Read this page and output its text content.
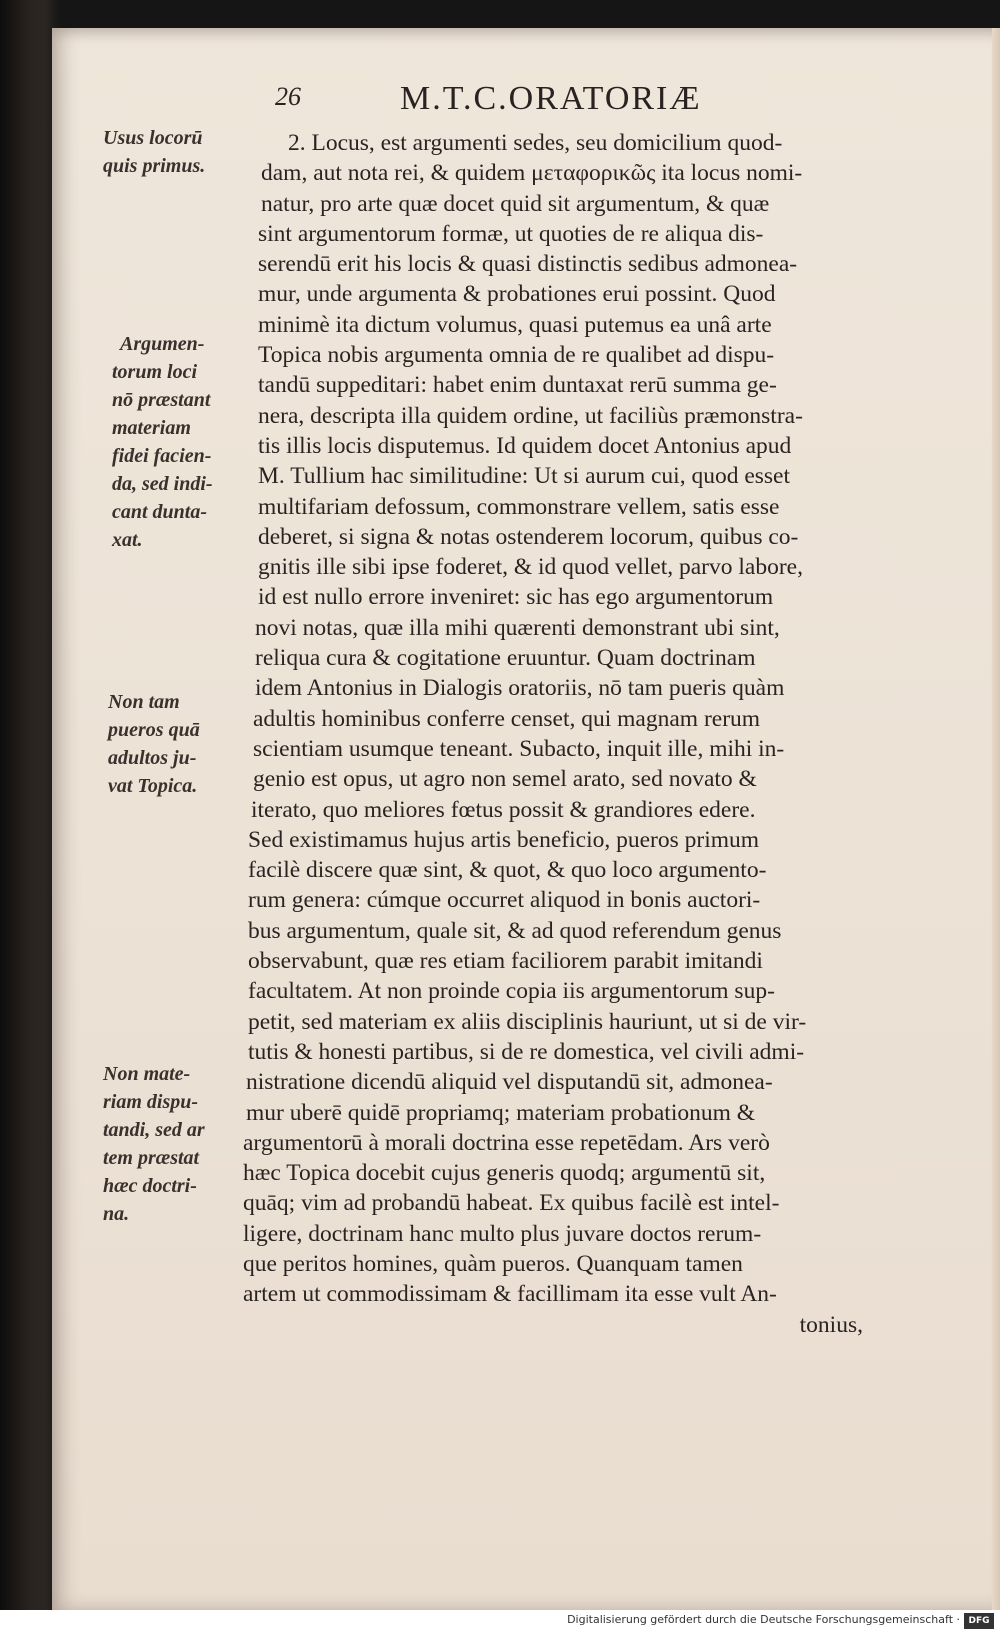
26	M.T.C.ORATORIÆ
Usus locorū
quis primus.
Argumen-
torum loci
nō præstant
materiam
fidei facien-
da, sed indi-
cant dunta-
xat.
Non tam
pueros quā
adultos ju-
vat Topica.
Non mate-
riam dispu-
tandi, sed ar
tem præstat
hæc doctri-
na.
2. Locus, est argumenti sedes, seu domicilium quod-
dam, aut nota rei, & quidem μεταφορικῶς ita locus nomi-
natur, pro arte quæ docet quid sit argumentum, & quæ
sint argumentorum formæ, ut quoties de re aliqua dis-
serendū erit his locis & quasi distinctis sedibus admonea-
mur, unde argumenta & probationes erui possint. Quod
minimè ita dictum volumus, quasi putemus ea unâ arte
Topica nobis argumenta omnia de re qualibet ad dispu-
tandū suppeditari: habet enim duntaxat rerū summa ge-
nera, descripta illa quidem ordine, ut faciliùs præmonstra-
tis illis locis disputemus. Id quidem docet Antonius apud
M. Tullium hac similitudine: Ut si aurum cui, quod esset
multifariam defossum, commonstrare vellem, satis esse
deberet, si signa & notas ostenderem locorum, quibus co-
gnitis ille sibi ipse foderet, & id quod vellet, parvo labore,
id est nullo errore inveniret: sic has ego argumentorum
novi notas, quæ illa mihi quærenti demonstrant ubi sint,
reliqua cura & cogitatione eruuntur. Quam doctrinam
idem Antonius in Dialogis oratoriis, nō tam pueris quàm
adultis hominibus conferre censet, qui magnam rerum
scientiam usumque teneant. Subacto, inquit ille, mihi in-
genio est opus, ut agro non semel arato, sed novato &
iterato, quo meliores fœtus possit & grandiores edere.
Sed existimamus hujus artis beneficio, pueros primum
facilè discere quæ sint, & quot, & quo loco argumento-
rum genera: cúmque occurret aliquod in bonis auctori-
bus argumentum, quale sit, & ad quod referendum genus
observabunt, quæ res etiam faciliorem parabit imitandi
facultatem. At non proinde copia iis argumentorum sup-
petit, sed materiam ex aliis disciplinis hauriunt, ut si de vir-
tutis & honesti partibus, si de re domestica, vel civili admi-
nistratione dicendū aliquid vel disputandū sit, admonea-
mur uberē quidē propriamq; materiam probationum &
argumentorū à morali doctrina esse repetēdam. Ars verò
hæc Topica docebit cujus generis quodq; argumentū sit,
quāq; vim ad probandū habeat. Ex quibus facilè est intel-
ligere, doctrinam hanc multo plus juvare doctos rerum-
que peritos homines, quàm pueros. Quanquam tamen
artem ut commodissimam & facillimam ita esse vult An-
tonius,
Digitalisierung gefördert durch die Deutsche Forschungsgemeinschaft · DFG
